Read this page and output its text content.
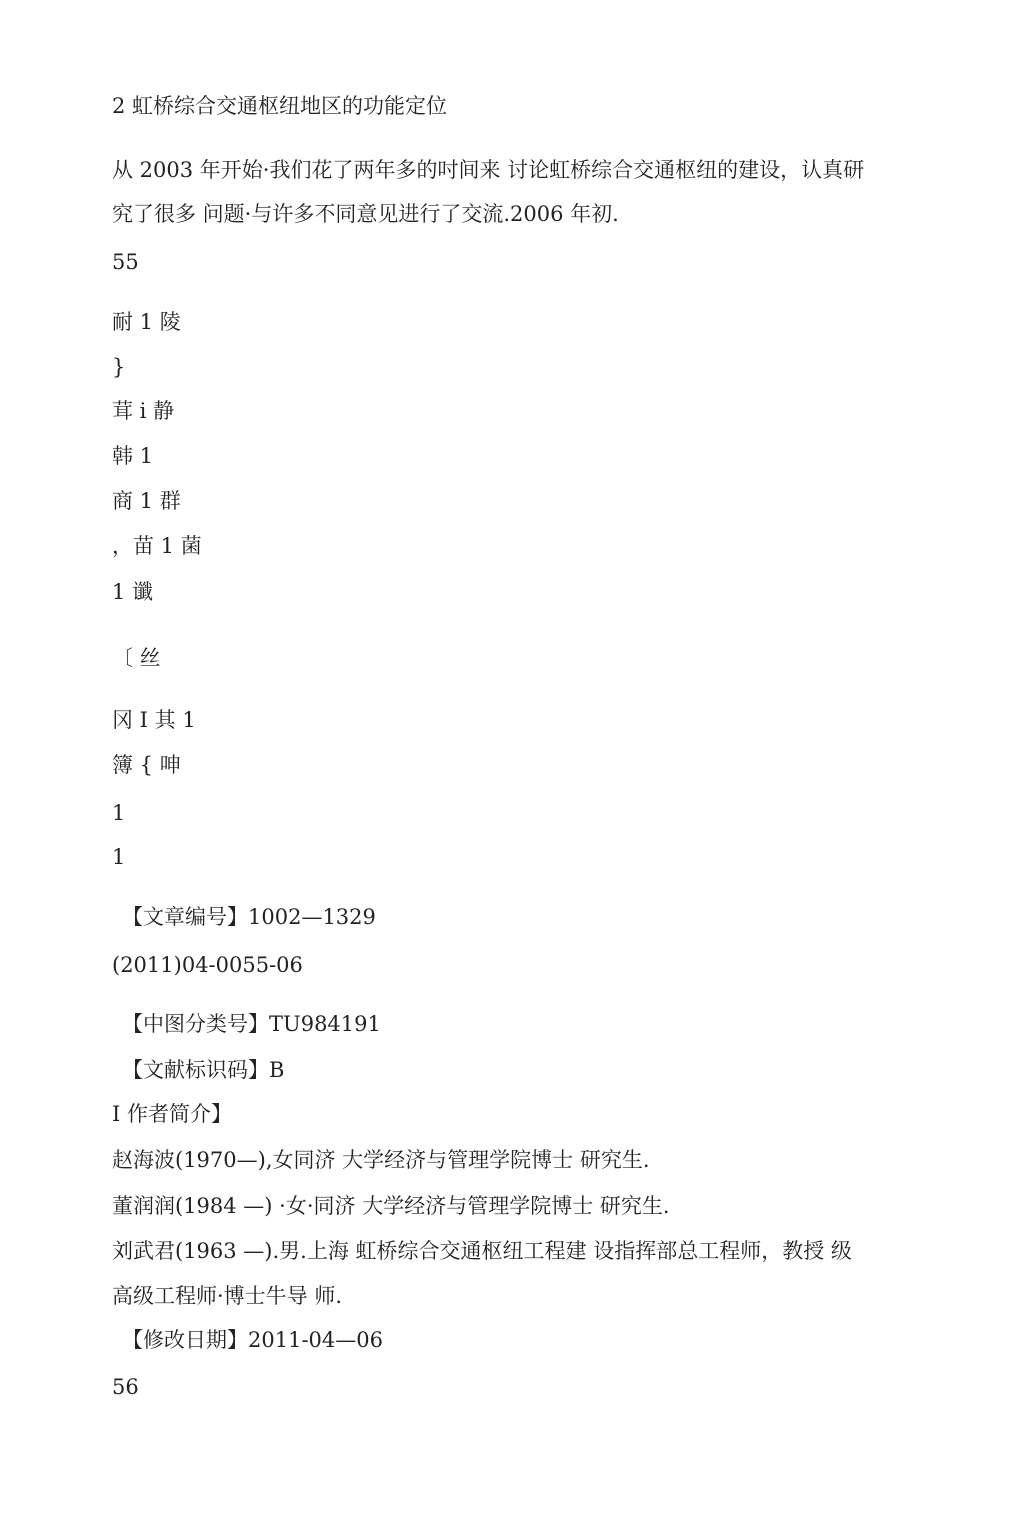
2 虹桥综合交通枢纽地区的功能定位

从 2003 年开始·我们花了两年多的吋间来 讨论虹桥综合交通枢纽的建设，认真研

究了很多 问题·与许多不同意见进行了交流.2006 年初.

55

耐 1 陵

}

茸 i 静

韩 1

商 1 群

，苗 1 菌

1 谶

〔 丝

冈 I 其 1

簿 { 呻

1

1

【文章编号】1002—1329

(2011)04-0055-06

【中图分类号】TU984191

【文献标识码】B

I 作者简介】

赵海波(1970—),女同济 大学经济与管理学院博士 研究生.

董润润(1984 —) ·女·同济 大学经济与管理学院博士 研究生.

刘武君(1963 —).男.上海 虹桥综合交通枢纽工程建 设指挥部总工程师，教授 级

高级工程师·博士牛导 师.

【修改日期】2011-04—06

56
